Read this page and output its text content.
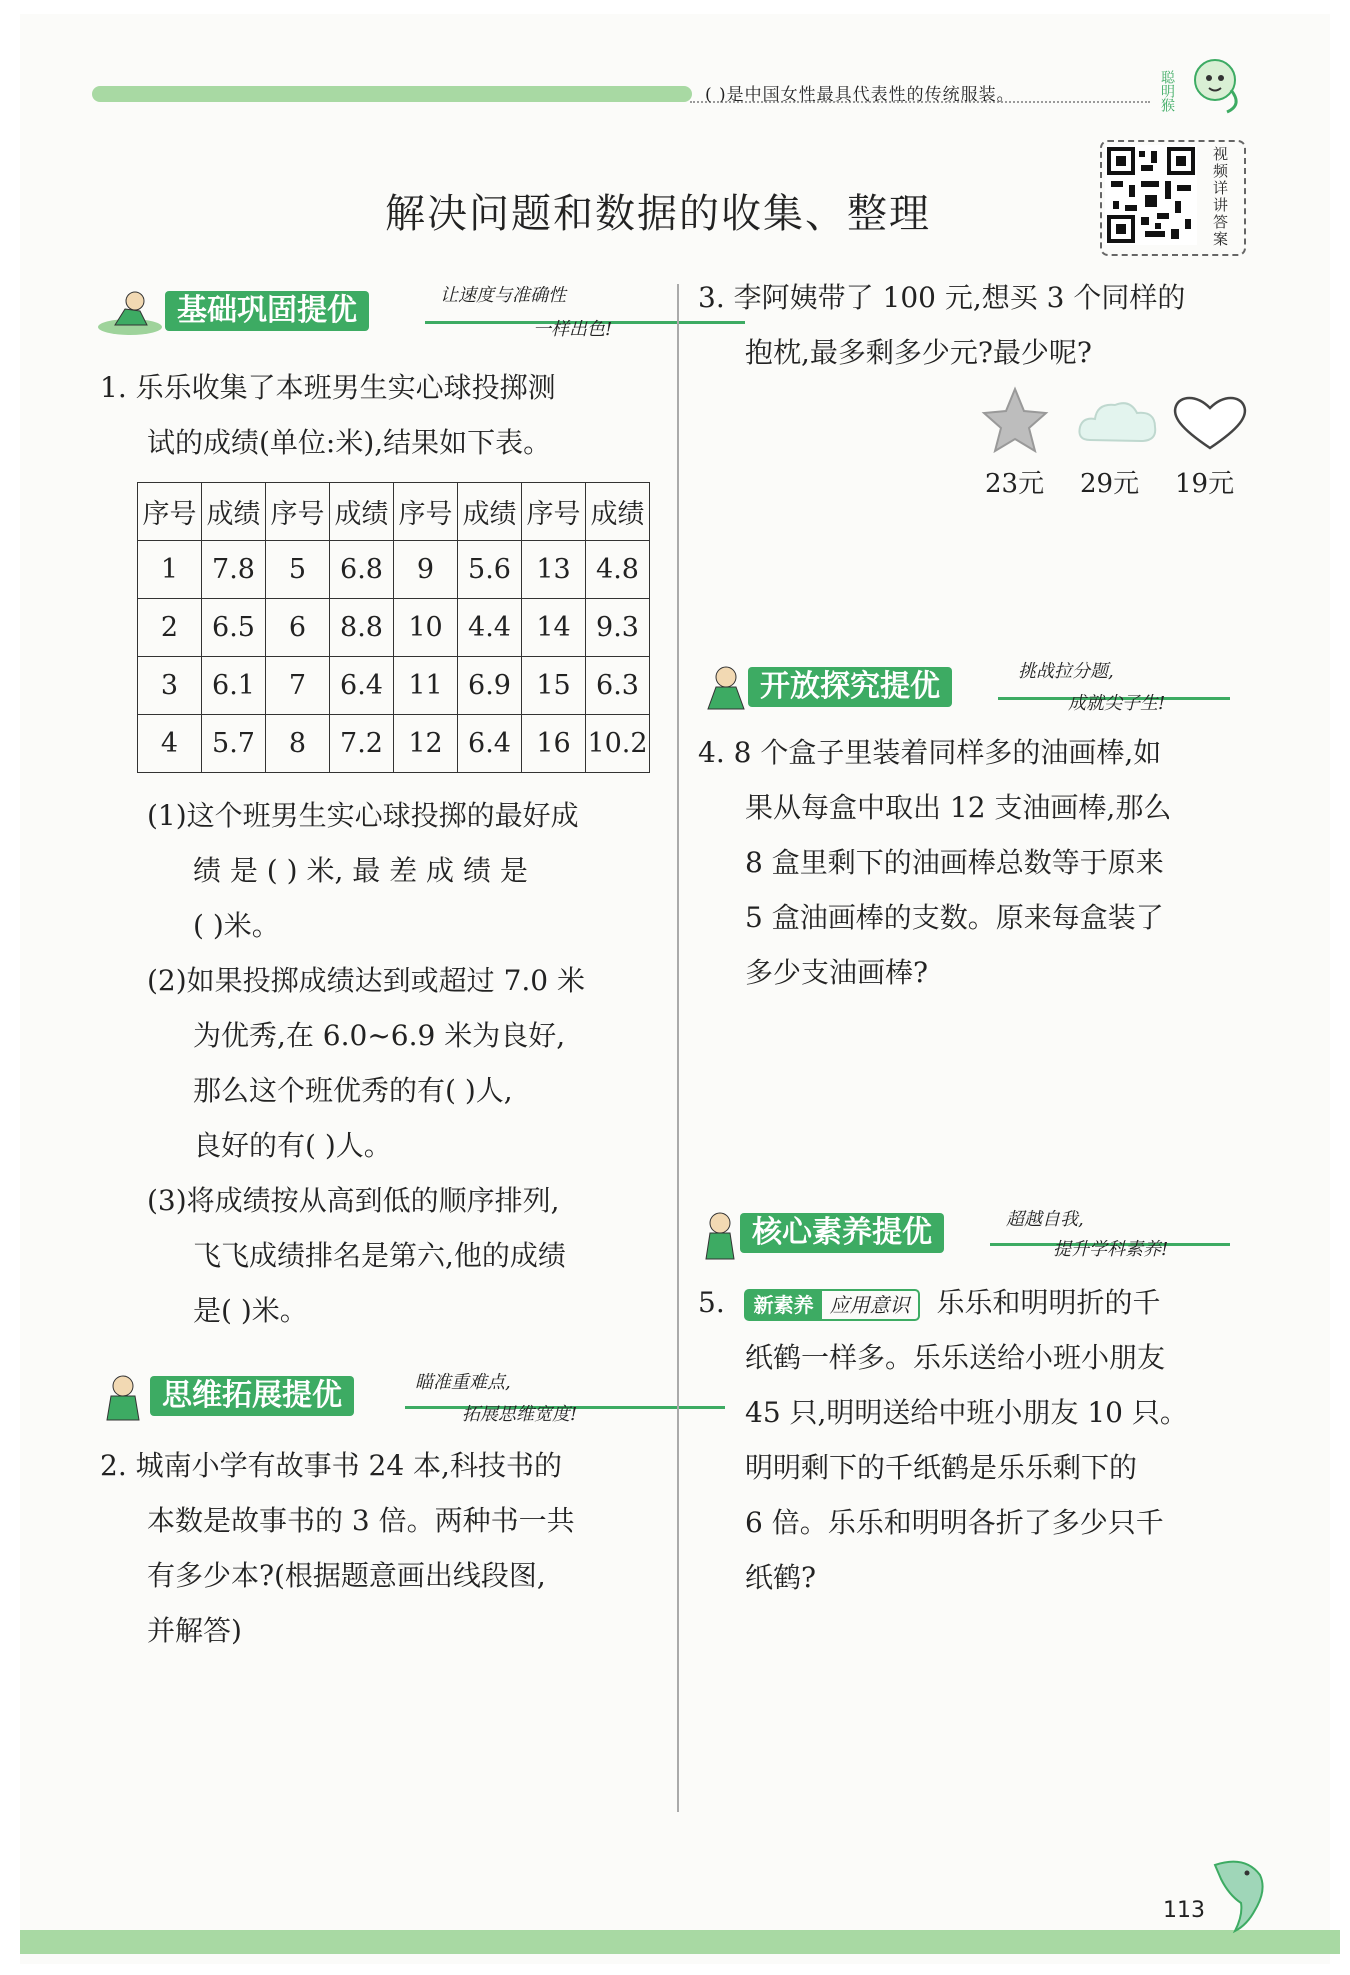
( )是中国女性最具代表性的传统服装。	聪明猴
解决问题和数据的收集、整理
视频详讲答案
基础巩固提优	让速度与准确性
一样出色!
1. 乐乐收集了本班男生实心球投掷测
试的成绩(单位:米),结果如下表。
序号	成绩	序号	成绩	序号	成绩	序号	成绩
1	7.8	5	6.8	9	5.6	13	4.8
2	6.5	6	8.8	10	4.4	14	9.3
3	6.1	7	6.4	11	6.9	15	6.3
4	5.7	8	7.2	12	6.4	16	10.2
(1)这个班男生实心球投掷的最好成
绩 是 ( ) 米, 最 差 成 绩 是
( )米。
(2)如果投掷成绩达到或超过 7.0 米
为优秀,在 6.0~6.9 米为良好,
那么这个班优秀的有( )人,
良好的有( )人。
(3)将成绩按从高到低的顺序排列,
飞飞成绩排名是第六,他的成绩
是( )米。
思维拓展提优	瞄准重难点,
拓展思维宽度!
2. 城南小学有故事书 24 本,科技书的
本数是故事书的 3 倍。两种书一共
有多少本?(根据题意画出线段图,
并解答)
3. 李阿姨带了 100 元,想买 3 个同样的
抱枕,最多剩多少元?最少呢?
23元 29元 19元
开放探究提优	挑战拉分题,
成就尖子生!
4. 8 个盒子里装着同样多的油画棒,如
果从每盒中取出 12 支油画棒,那么
8 盒里剩下的油画棒总数等于原来
5 盒油画棒的支数。原来每盒装了
多少支油画棒?
核心素养提优	超越自我,
提升学科素养!
5. 新素养 应用意识 乐乐和明明折的千
纸鹤一样多。乐乐送给小班小朋友
45 只,明明送给中班小朋友 10 只。
明明剩下的千纸鹤是乐乐剩下的
6 倍。乐乐和明明各折了多少只千
纸鹤?
113
